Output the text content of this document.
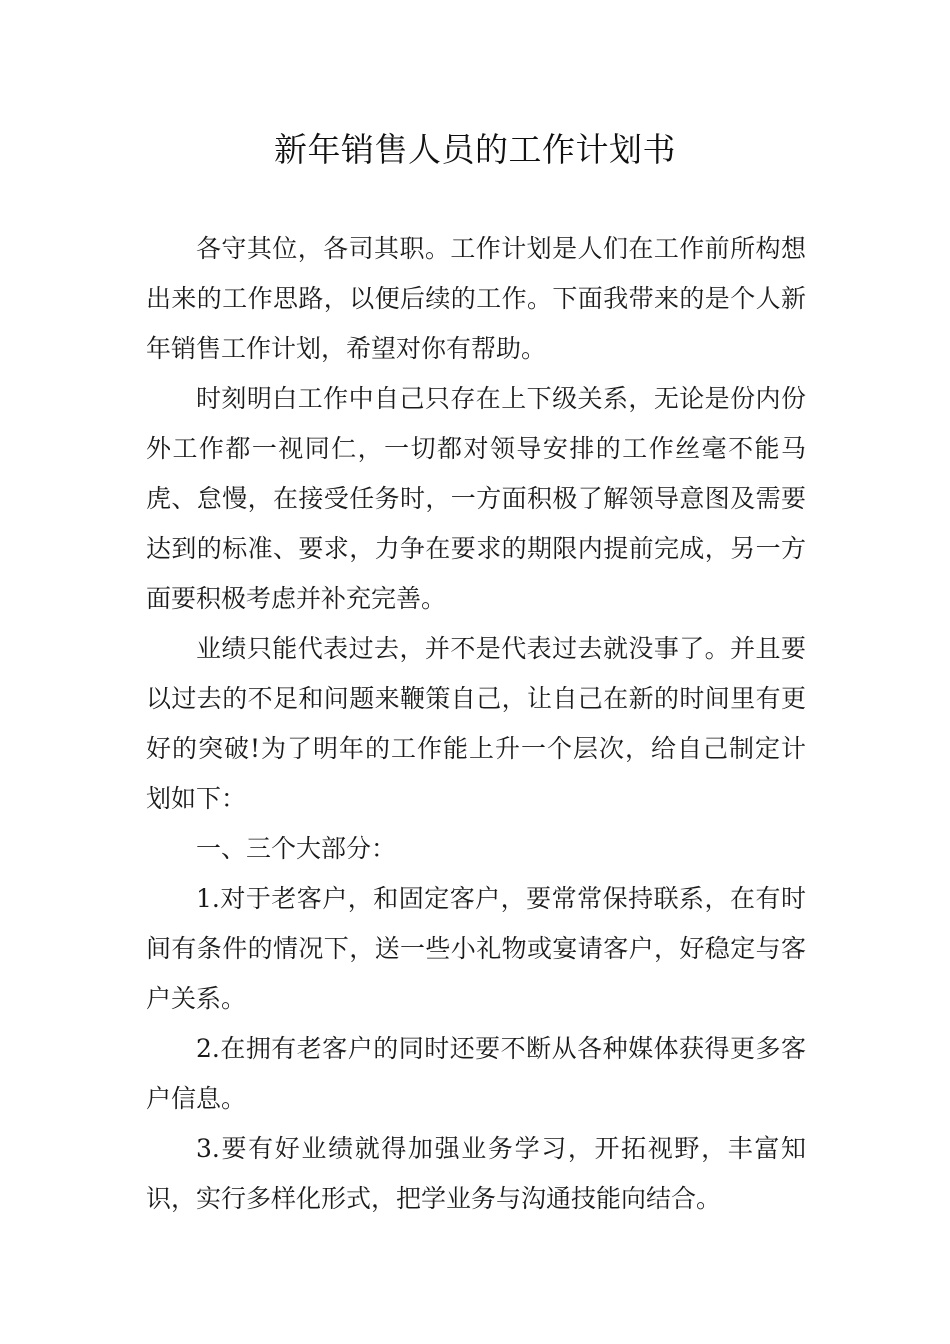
新年销售人员的工作计划书

各守其位，各司其职。工作计划是人们在工作前所构想出来的工作思路，以便后续的工作。下面我带来的是个人新年销售工作计划，希望对你有帮助。

时刻明白工作中自己只存在上下级关系，无论是份内份外工作都一视同仁，一切都对领导安排的工作丝毫不能马虎、怠慢，在接受任务时，一方面积极了解领导意图及需要达到的标准、要求，力争在要求的期限内提前完成，另一方面要积极考虑并补充完善。

业绩只能代表过去，并不是代表过去就没事了。并且要以过去的不足和问题来鞭策自己，让自己在新的时间里有更好的突破!为了明年的工作能上升一个层次，给自己制定计划如下：

一、三个大部分：

1.对于老客户，和固定客户，要常常保持联系，在有时间有条件的情况下，送一些小礼物或宴请客户，好稳定与客户关系。

2.在拥有老客户的同时还要不断从各种媒体获得更多客户信息。

3.要有好业绩就得加强业务学习，开拓视野，丰富知识，实行多样化形式，把学业务与沟通技能向结合。
